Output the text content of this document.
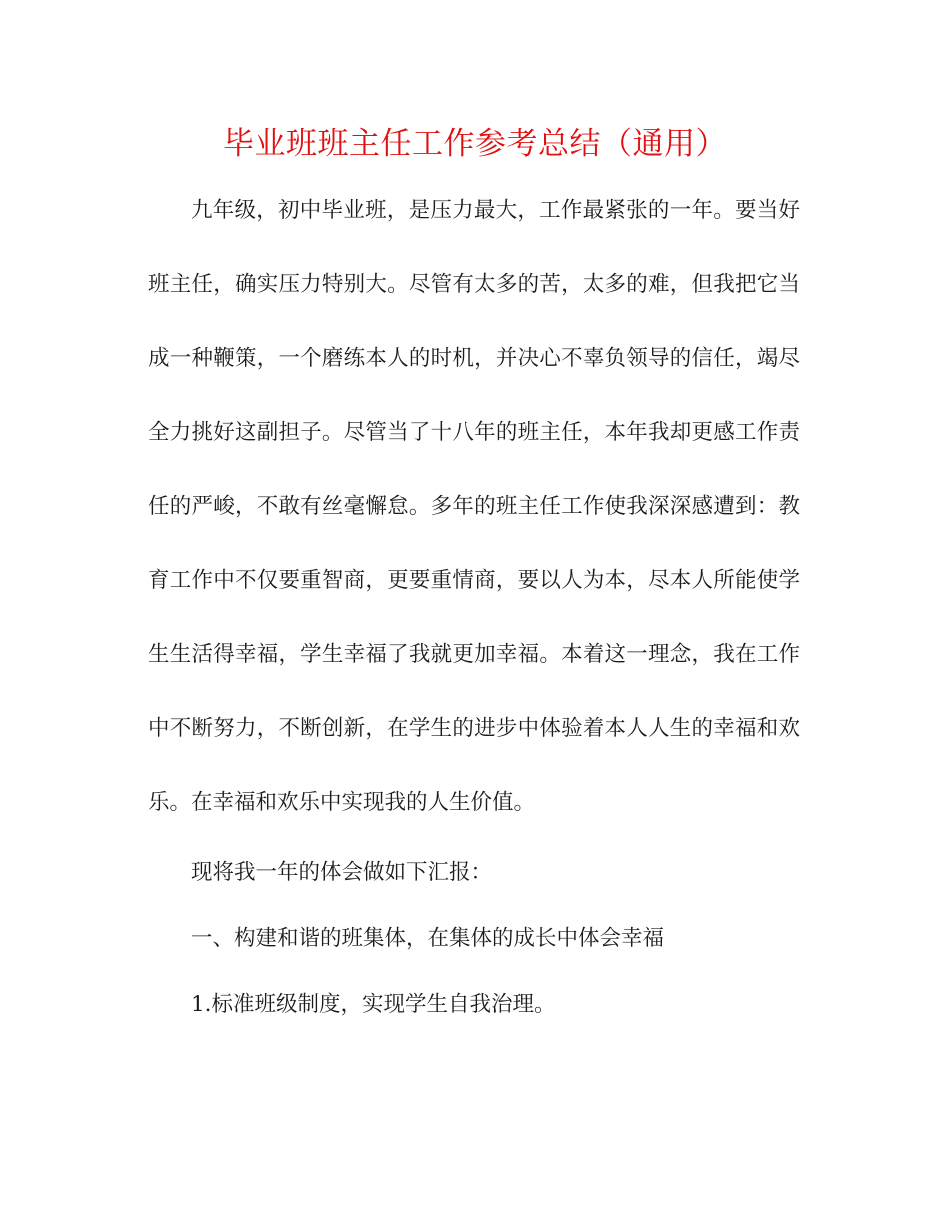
毕业班班主任工作参考总结（通用）

九年级，初中毕业班，是压力最大，工作最紧张的一年。要当好班主任，确实压力特别大。尽管有太多的苦，太多的难，但我把它当成一种鞭策，一个磨练本人的时机，并决心不辜负领导的信任，竭尽全力挑好这副担子。尽管当了十八年的班主任，本年我却更感工作责任的严峻，不敢有丝毫懈怠。多年的班主任工作使我深深感遭到：教育工作中不仅要重智商，更要重情商，要以人为本，尽本人所能使学生生活得幸福，学生幸福了我就更加幸福。本着这一理念，我在工作中不断努力，不断创新，在学生的进步中体验着本人人生的幸福和欢乐。在幸福和欢乐中实现我的人生价值。

现将我一年的体会做如下汇报：

一、构建和谐的班集体，在集体的成长中体会幸福

1.标准班级制度，实现学生自我治理。
